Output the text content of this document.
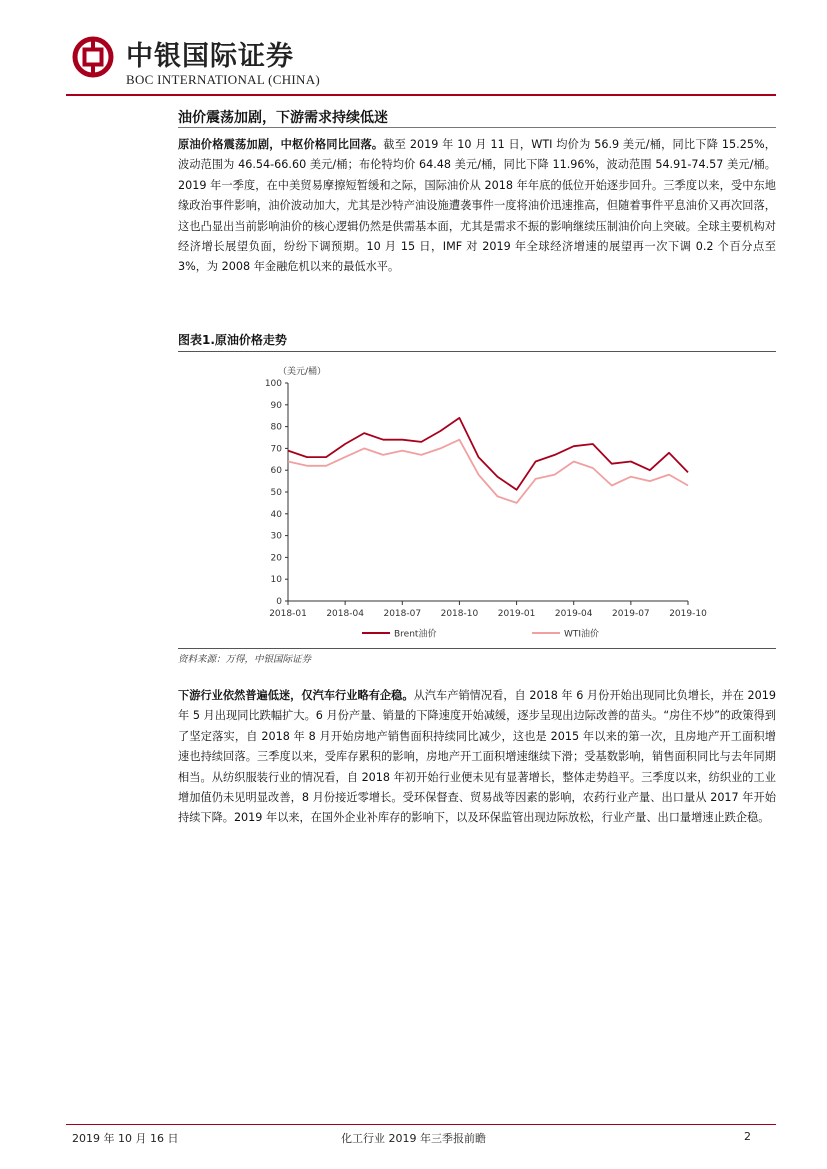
中银国际证券
BOC INTERNATIONAL (CHINA)
油价震荡加剧，下游需求持续低迷
原油价格震荡加剧，中枢价格同比回落。截至 2019 年 10 月 11 日，WTI 均价为 56.9 美元/桶，同比下降 15.25%，波动范围为 46.54-66.60 美元/桶；布伦特均价 64.48 美元/桶，同比下降 11.96%，波动范围 54.91-74.57 美元/桶。2019 年一季度，在中美贸易摩擦短暂缓和之际，国际油价从 2018 年年底的低位开始逐步回升。三季度以来，受中东地缘政治事件影响，油价波动加大，尤其是沙特产油设施遭袭事件一度将油价迅速推高，但随着事件平息油价又再次回落，这也凸显出当前影响油价的核心逻辑仍然是供需基本面，尤其是需求不振的影响继续压制油价向上突破。全球主要机构对经济增长展望负面，纷纷下调预期。10 月 15 日，IMF 对 2019 年全球经济增速的展望再一次下调 0.2 个百分点至 3%，为 2008 年金融危机以来的最低水平。
图表1.原油价格走势
（美元/桶）
0
10
20
30
40
50
60
70
80
90
100
2018-01 2018-04 2018-07 2018-10 2019-01 2019-04 2019-07 2019-10
Brent油价	WTI油价
资料来源：万得，中银国际证券
下游行业依然普遍低迷，仅汽车行业略有企稳。从汽车产销情况看，自 2018 年 6 月份开始出现同比负增长，并在 2019 年 5 月出现同比跌幅扩大。6 月份产量、销量的下降速度开始减缓，逐步呈现出边际改善的苗头。“房住不炒”的政策得到了坚定落实，自 2018 年 8 月开始房地产销售面积持续同比减少，这也是 2015 年以来的第一次，且房地产开工面积增速也持续回落。三季度以来，受库存累积的影响，房地产开工面积增速继续下滑；受基数影响，销售面积同比与去年同期相当。从纺织服装行业的情况看，自 2018 年初开始行业便未见有显著增长，整体走势趋平。三季度以来，纺织业的工业增加值仍未见明显改善，8 月份接近零增长。受环保督查、贸易战等因素的影响，农药行业产量、出口量从 2017 年开始持续下降。2019 年以来，在国外企业补库存的影响下，以及环保监管出现边际放松，行业产量、出口量增速止跌企稳。
2019 年 10 月 16 日	化工行业 2019 年三季报前瞻	2
